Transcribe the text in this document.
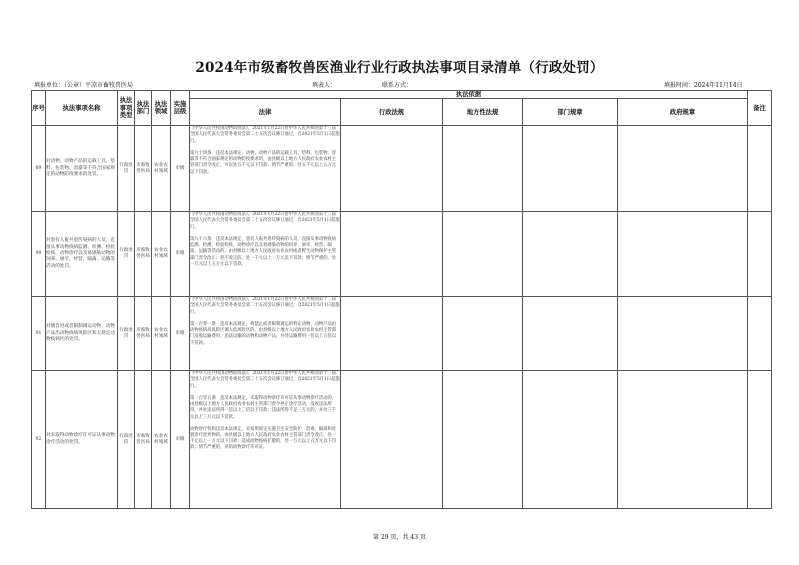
2024年市级畜牧兽医渔业行业行政执法事项目录清单（行政处罚）
填报单位：（公章）平凉市畜牧兽医局	填表人：	联系方式：	填报时间：2024年11月14日
序号	执法事项名称	执法事项类型	执法部门	执法领域	实施层级	执法依据					备注
						法律	行政法规	地方性法规	部门规章	政府规章	
89	对动物、动物产品的运载工具、垫料、包装物、容器等不符合国家规定的动物防疫要求的处罚。	行政处罚	市畜牧兽医局	农业农村领域	市级	《中华人民共和国动物防疫法》，2021年1月22日由中华人民共和国第十三届全国人民代表大会常务委员会第二十五次会议修订通过，自2021年5月1日起施行。

第九十四条　违反本法规定，动物、动物产品的运载工具、垫料、包装物、容器等不符合国家规定的动物防疫要求的，由县级以上地方人民政府农业农村主管部门责令改正，可以处五千元以下罚款；情节严重的，处五千元以上五万元以下罚款。					

90	对患有人畜共患传染病的人员，直接从事动物疫病监测、检测、检验检疫，动物诊疗以及易感染动物的饲养、屠宰、经营、隔离、运输等活动的处罚。	行政处罚	市畜牧兽医局	农业农村领域	市级	《中华人民共和国动物防疫法》，2021年1月22日由中华人民共和国第十三届全国人民代表大会常务委员会第二十五次会议修订通过，自2021年5月1日起施行。

第九十六条　违反本法规定，患有人畜共患传染病的人员，直接从事动物疫病监测、检测、检验检疫，动物诊疗以及易感染动物的饲养、屠宰、经营、隔离、运输等活动的，由县级以上地方人民政府农业农村或者野生动物保护主管部门责令改正；拒不改正的，处一千元以上一万元以下罚款；情节严重的，处一万元以上五万元以下罚款。					

91	对擅自进或者限制调运动物、动物产品出动物疫病风险区和无规定动物疫病区的处罚。	行政处罚	市畜牧兽医局	农业农村领域	市级	《中华人民共和国动物防疫法》，2021年1月22日由中华人民共和国第十三届全国人民代表大会常务委员会第二十五次会议修订通过，自2021年5月1日起施行。

第一百零一条　违反本法规定，将禁止或者限制调运的特定动物、动物产品由动物疫病高风险区调入低风险区的，由县级以上地方人民政府农业农村主管部门没收运输费用、违法运输的动物和动物产品，并处运输费用一倍以上五倍以下罚款。					

92	对未取得动物诊疗许可证从事动物诊疗活动的处罚。	行政处罚	市畜牧兽医局	农业农村领域	市级	《中华人民共和国动物防疫法》，2021年1月22日由中华人民共和国第十三届全国人民代表大会常务委员会第二十五次会议修订通过，自2021年5月1日起施行。

第一百零五条　违反本法规定，未取得动物诊疗许可证从事动物诊疗活动的，由县级以上地方人民政府农业农村主管部门责令停止诊疗活动，没收违法所得，并处违法所得一倍以上三倍以下罚款；违法所得不足三万元的，并处三千元以上三万元以下罚款。

动物诊疗机构违反本法规定，未按照规定实施卫生安全防护、消毒、隔离和处置诊疗废弃物的，由县级以上地方人民政府农业农村主管部门责令改正，处一千元以上一万元以下罚款；造成动物疫病扩散的，处一万元以上五万元以下罚款；情节严重的，吊销动物诊疗许可证。					

第 29 页，共 43 页
